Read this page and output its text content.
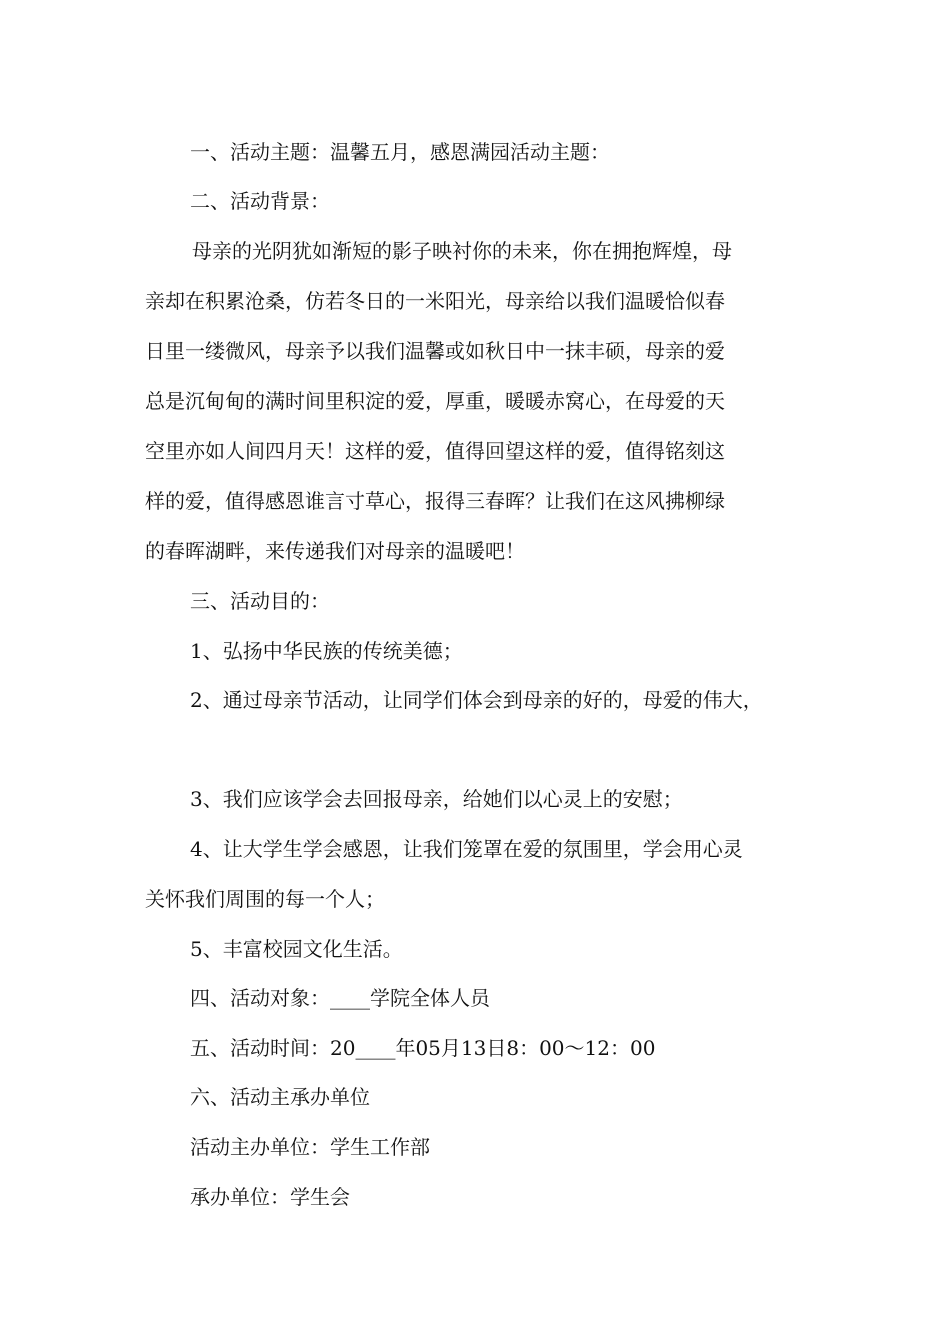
一、活动主题：温馨五月，感恩满园活动主题：
二、活动背景：
母亲的光阴犹如渐短的影子映衬你的未来，你在拥抱辉煌，母
亲却在积累沧桑，仿若冬日的一米阳光，母亲给以我们温暖恰似春
日里一缕微风，母亲予以我们温馨或如秋日中一抹丰硕，母亲的爱
总是沉甸甸的满时间里积淀的爱，厚重，暖暖赤窝心，在母爱的天
空里亦如人间四月天！这样的爱，值得回望这样的爱，值得铭刻这
样的爱，值得感恩谁言寸草心，报得三春晖？让我们在这风拂柳绿
的春晖湖畔，来传递我们对母亲的温暖吧！
三、活动目的：
1、弘扬中华民族的传统美德；
2、通过母亲节活动，让同学们体会到母亲的好的，母爱的伟大，
3、我们应该学会去回报母亲，给她们以心灵上的安慰；
4、让大学生学会感恩，让我们笼罩在爱的氛围里，学会用心灵
关怀我们周围的每一个人；
5、丰富校园文化生活。
四、活动对象：____学院全体人员
五、活动时间：20____年05月13日8：00～12：00
六、活动主承办单位
活动主办单位：学生工作部
承办单位：学生会
